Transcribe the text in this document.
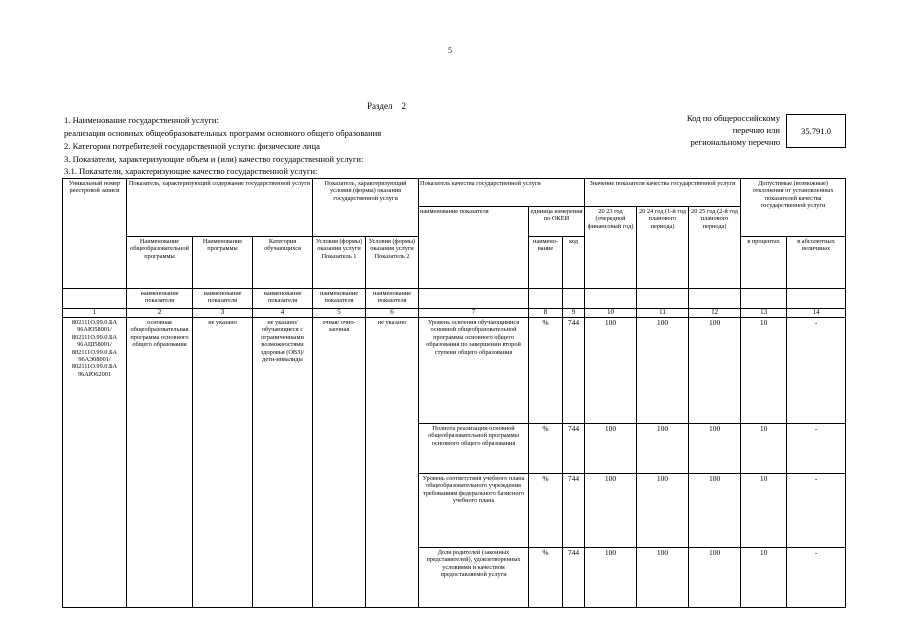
5
Раздел 2
1. Наименование государственной услуги:
реализация основных общеобразовательных программ основного общего образования
2. Категории потребителей государственной услуги: физические лица
3. Показатели, характеризующие объем и (или) качество государственной услуги:
3.1. Показатели, характеризующие качество государственной услуги:
Код по общероссийскому
перечню или
региональному перечню
35.791.0
Уникальный номер реестровой записи	Показатель, характеризующий содержание государственной услуги			Показатель, характеризующий условия (формы) оказания государственной услуги		Показатель качества государственной услуги			Значение показателя качества государственной услуги			Допустимые (возможные) отклонения от установленных показателей качества государственной услуги	
						наименование показателя	единица измерения по ОКЕИ		20 23 год (очередной финансовый год)	20 24 год (1-й год планового периода)	20 25 год (2-й год планового периода)		
	Наименование общеобразовательной программы	Наименование программы	Категория обучающихся	Условия (формы) оказания услуги Показатель 1	Условия (формы) оказания услуги Показатель 2		наимено-вание	код				в процентах	в абсолютных величинах
	наименование показателя	наименование показателя	наименование показателя	наименование показателя	наименование показателя								
1	2	3	4	5	6	7	8	9	10	11	12	13	14
802111О.99.0.БА 96АЮ58001/ 802111О.99.0.БА 96АШ58001/ 802111О.99.0.БА 96АЭ08001/ 802111О.99.0.БА 96АЮ62001	основная общеобразовательная программа основного общего образования	не указано	не указано/ обучающиеся с ограниченными возможностями здоровья (ОВЗ)/дети-инвалиды	очная/ очно-заочная	не указано	Уровень освоения обучающимися основной общеобразовательной программы основного общего образования по завершении второй ступени общего образования	%	744	100	100	100	10	-
						Полнота реализации основной общеобразовательной программы основного общего образования	%	744	100	100	100	10	-
						Уровень соответствия учебного плана общеобразовательного учреждения требованиям федерального базисного учебного плана	%	744	100	100	100	10	-
						Доля родителей (законных представителей), удовлетворенных условиями и качеством предоставляемой услуги	%	744	100	100	100	10	-
